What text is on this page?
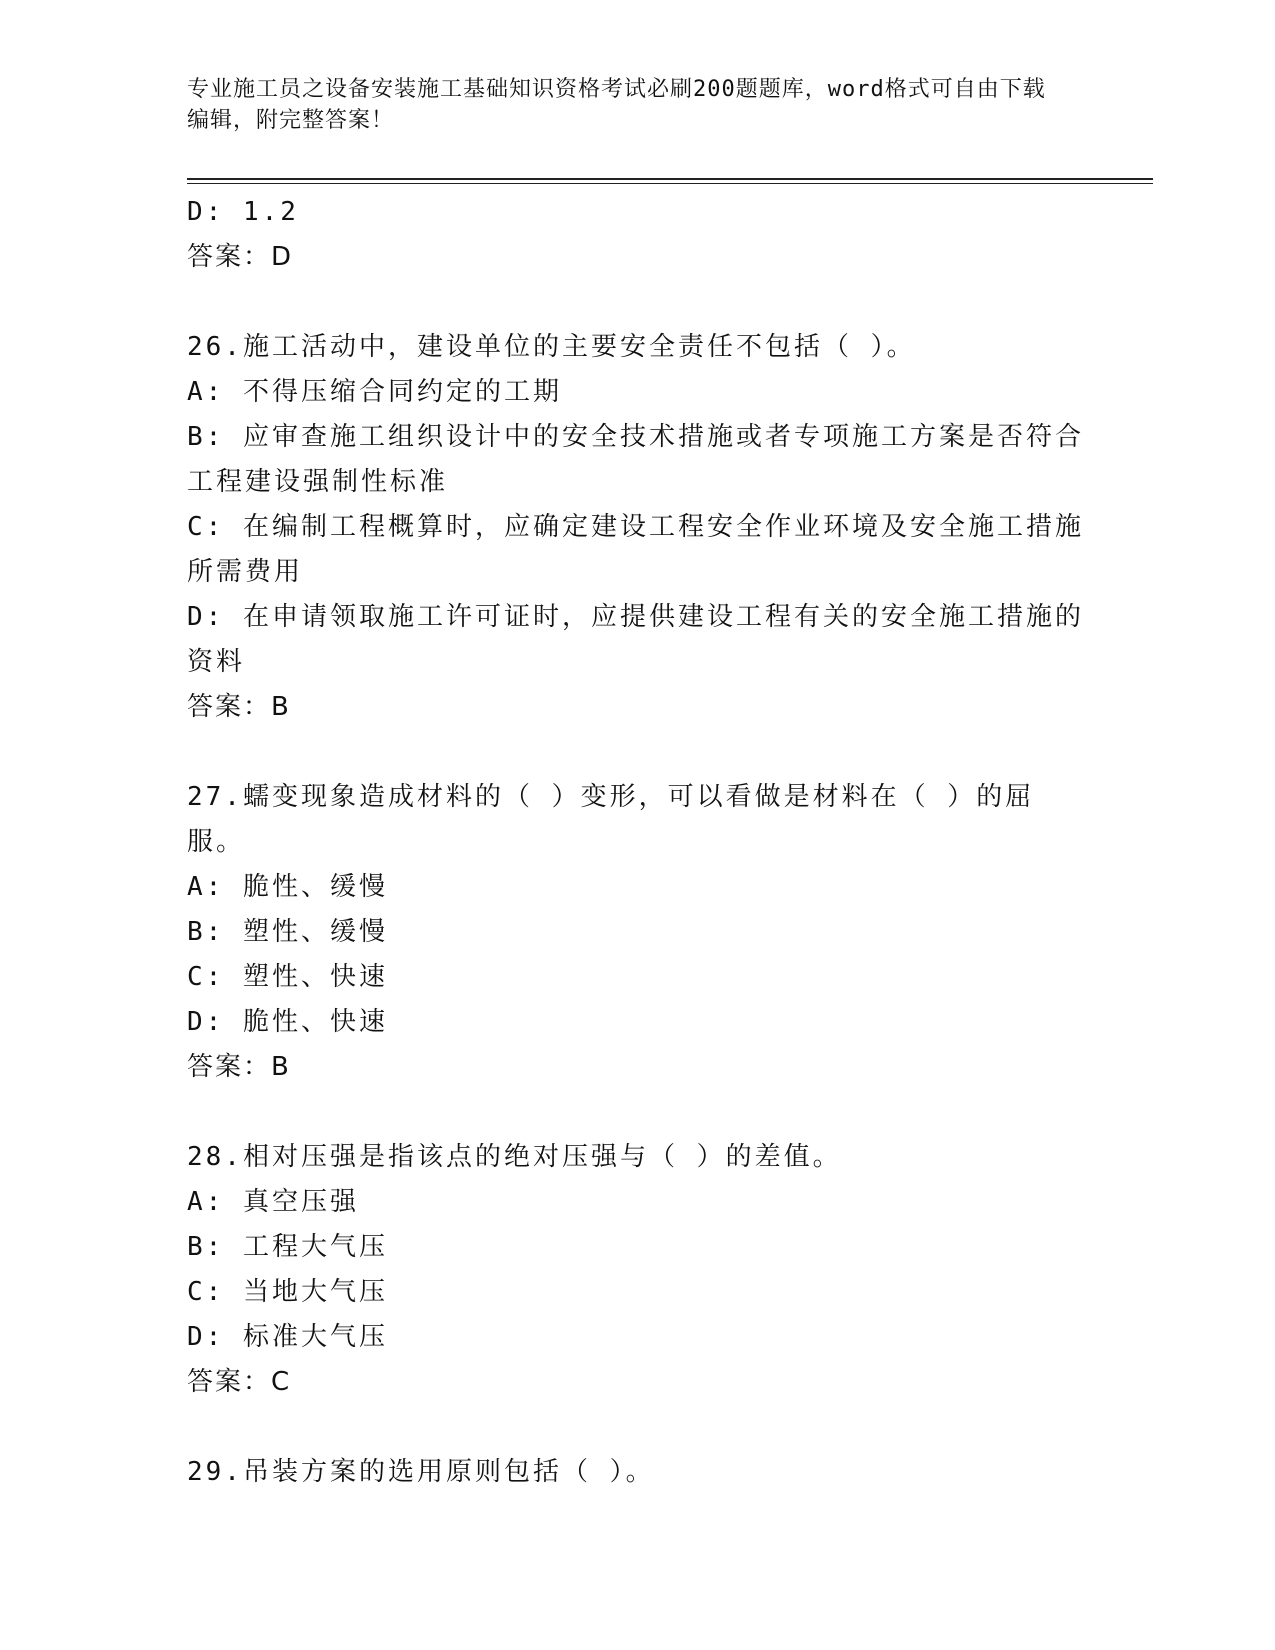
专业施工员之设备安装施工基础知识资格考试必刷200题题库，word格式可自由下载编辑，附完整答案！

D: 1.2

答案：D

26.施工活动中，建设单位的主要安全责任不包括（ ）。

A: 不得压缩合同约定的工期

B: 应审查施工组织设计中的安全技术措施或者专项施工方案是否符合工程建设强制性标准

C: 在编制工程概算时，应确定建设工程安全作业环境及安全施工措施所需费用

D: 在申请领取施工许可证时，应提供建设工程有关的安全施工措施的资料

答案：B

27.蠕变现象造成材料的（ ）变形，可以看做是材料在（ ）的屈服。

A: 脆性、缓慢

B: 塑性、缓慢

C: 塑性、快速

D: 脆性、快速

答案：B

28.相对压强是指该点的绝对压强与（ ）的差值。

A: 真空压强

B: 工程大气压

C: 当地大气压

D: 标准大气压

答案：C

29.吊装方案的选用原则包括（ ）。
